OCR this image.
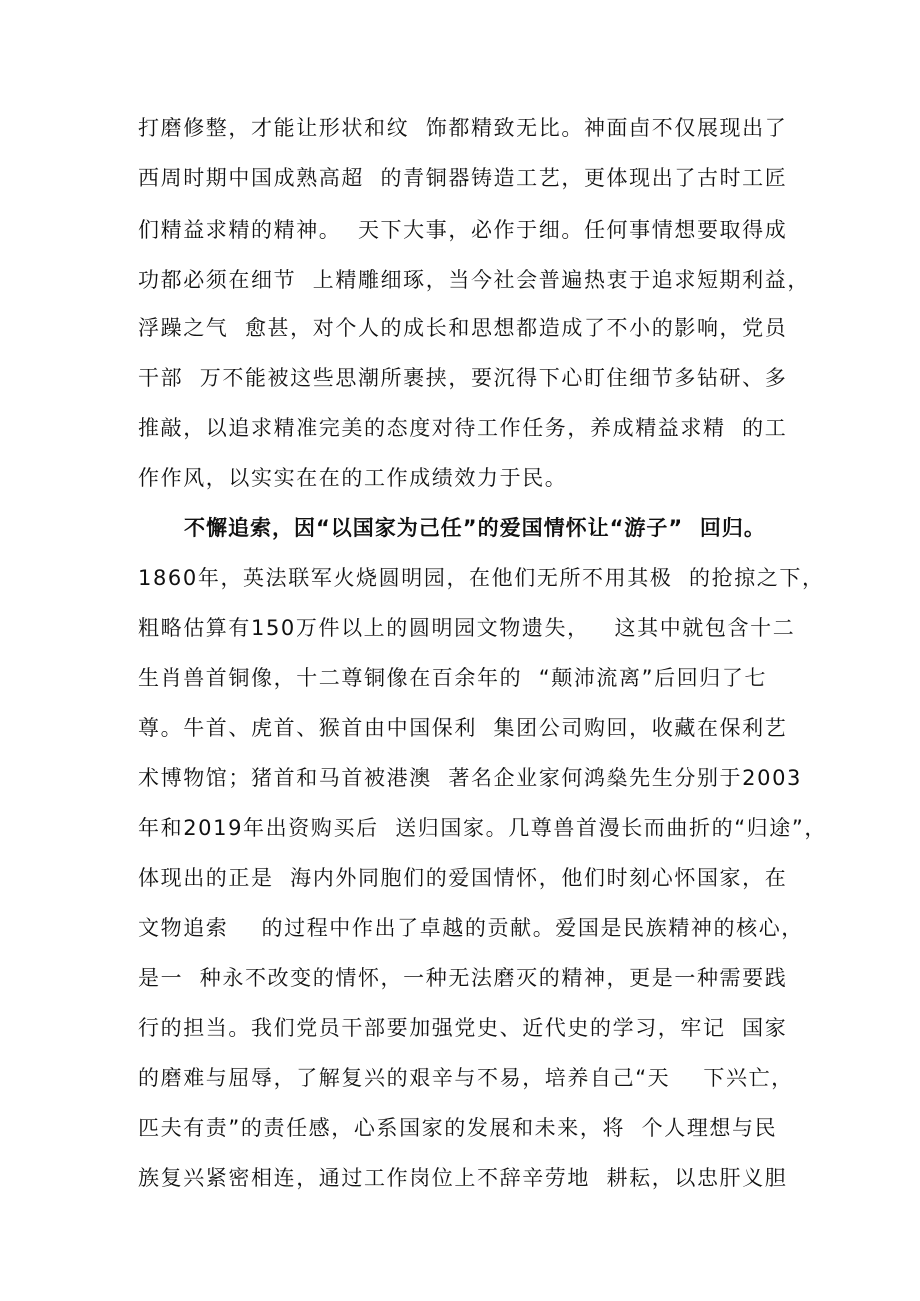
打磨修整，才能让形状和纹  饰都精致无比。神面卣不仅展现出了
西周时期中国成熟高超  的青铜器铸造工艺，更体现出了古时工匠
们精益求精的精神。  天下大事，必作于细。任何事情想要取得成
功都必须在细节  上精雕细琢，当今社会普遍热衷于追求短期利益，
浮躁之气  愈甚，对个人的成长和思想都造成了不小的影响，党员
干部  万不能被这些思潮所裹挟，要沉得下心盯住细节多钻研、多
推敲，以追求精准完美的态度对待工作任务，养成精益求精  的工
作作风，以实实在在的工作成绩效力于民。
不懈追索，因“以国家为己任”的爱国情怀让“游子”  回归。
1860年，英法联军火烧圆明园，在他们无所不用其极  的抢掠之下，
粗略估算有150万件以上的圆明园文物遗失，   这其中就包含十二
生肖兽首铜像，十二尊铜像在百余年的  “颠沛流离”后回归了七
尊。牛首、虎首、猴首由中国保利  集团公司购回，收藏在保利艺
术博物馆；猪首和马首被港澳  著名企业家何鸿燊先生分别于2003
年和2019年出资购买后  送归国家。几尊兽首漫长而曲折的“归途”，
体现出的正是  海内外同胞们的爱国情怀，他们时刻心怀国家，在
文物追索    的过程中作出了卓越的贡献。爱国是民族精神的核心，
是一  种永不改变的情怀，一种无法磨灭的精神，更是一种需要践
行的担当。我们党员干部要加强党史、近代史的学习，牢记  国家
的磨难与屈辱，了解复兴的艰辛与不易，培养自己“天    下兴亡，
匹夫有责”的责任感，心系国家的发展和未来，将  个人理想与民
族复兴紧密相连，通过工作岗位上不辞辛劳地  耕耘，以忠肝义胆
